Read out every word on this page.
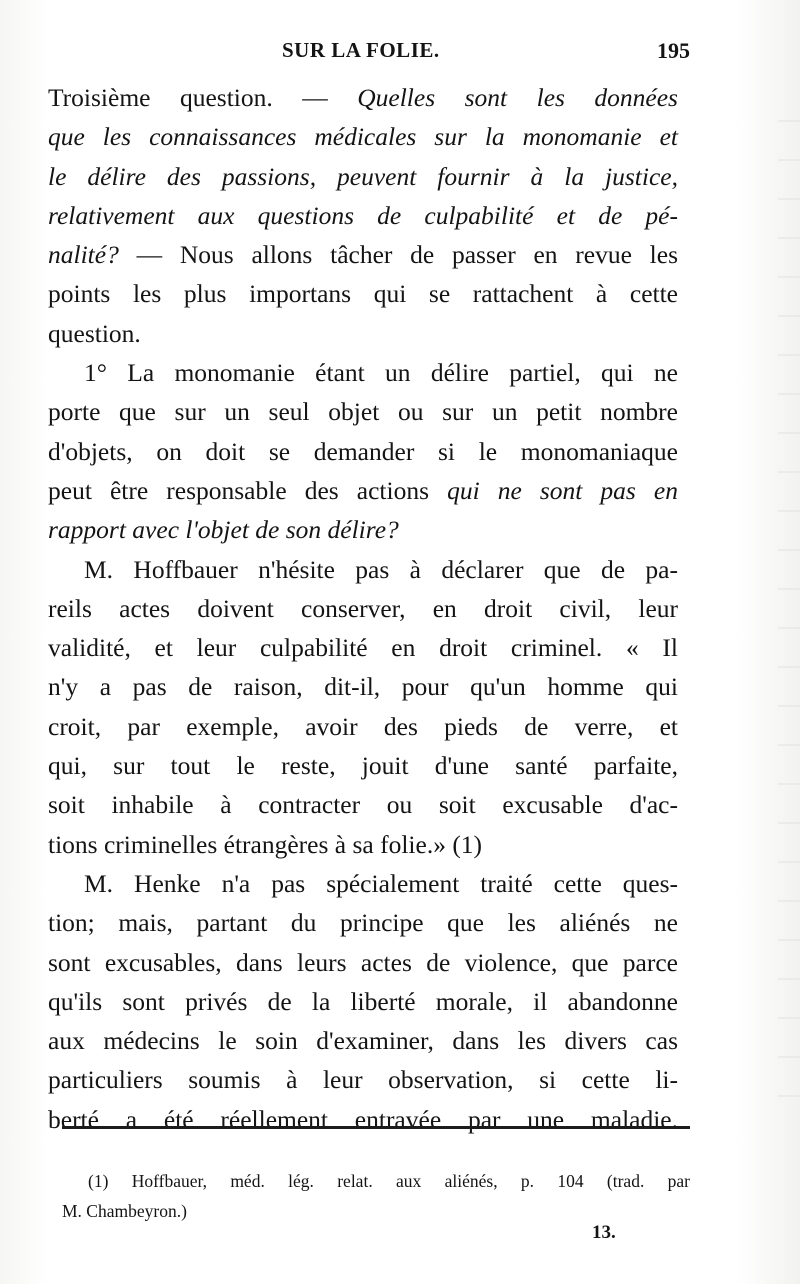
SUR LA FOLIE.	195
Troisième question. — Quelles sont les données
que les connaissances médicales sur la monomanie et
le délire des passions, peuvent fournir à la justice,
relativement aux questions de culpabilité et de pé-
nalité? — Nous allons tâcher de passer en revue les
points les plus importans qui se rattachent à cette
question.
1° La monomanie étant un délire partiel, qui ne
porte que sur un seul objet ou sur un petit nombre
d'objets, on doit se demander si le monomaniaque
peut être responsable des actions qui ne sont pas en
rapport avec l'objet de son délire?
M. Hoffbauer n'hésite pas à déclarer que de pa-
reils actes doivent conserver, en droit civil, leur
validité, et leur culpabilité en droit criminel. « Il
n'y a pas de raison, dit-il, pour qu'un homme qui
croit, par exemple, avoir des pieds de verre, et
qui, sur tout le reste, jouit d'une santé parfaite,
soit inhabile à contracter ou soit excusable d'ac-
tions criminelles étrangères à sa folie.» (1)
M. Henke n'a pas spécialement traité cette ques-
tion; mais, partant du principe que les aliénés ne
sont excusables, dans leurs actes de violence, que parce
qu'ils sont privés de la liberté morale, il abandonne
aux médecins le soin d'examiner, dans les divers cas
particuliers soumis à leur observation, si cette li-
berté a été réellement entravée par une maladie.
(1) Hoffbauer, méd. lég. relat. aux aliénés, p. 104 (trad. par
M. Chambeyron.)
13.
